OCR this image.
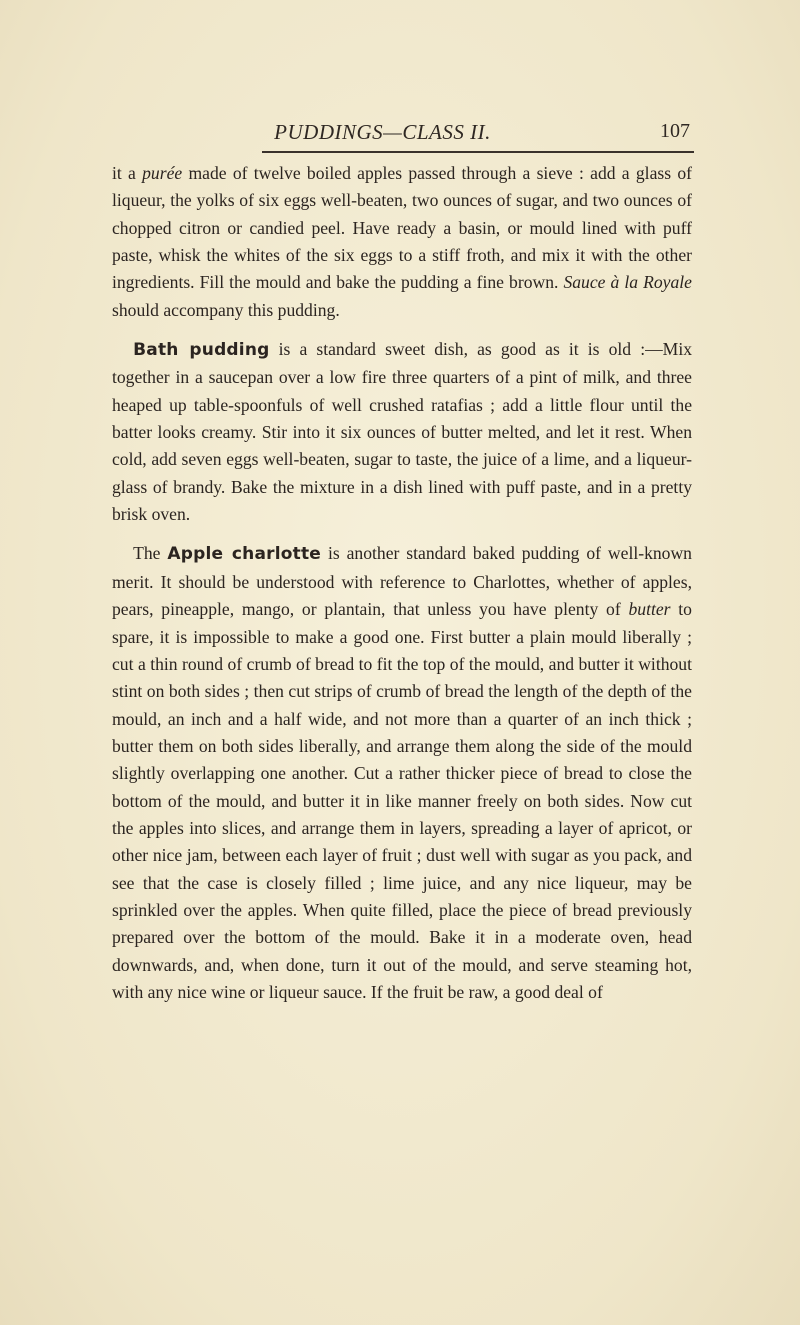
PUDDINGS—CLASS II.	107

it a purée made of twelve boiled apples passed through a sieve : add a glass of liqueur, the yolks of six eggs well-beaten, two ounces of sugar, and two ounces of chopped citron or candied peel. Have ready a basin, or mould lined with puff paste, whisk the whites of the six eggs to a stiff froth, and mix it with the other ingredients. Fill the mould and bake the pudding a fine brown. Sauce à la Royale should accompany this pudding.

Bath pudding is a standard sweet dish, as good as it is old :—Mix together in a saucepan over a low fire three quarters of a pint of milk, and three heaped up table-spoonfuls of well crushed ratafias ; add a little flour until the batter looks creamy. Stir into it six ounces of butter melted, and let it rest. When cold, add seven eggs well-beaten, sugar to taste, the juice of a lime, and a liqueur-glass of brandy. Bake the mixture in a dish lined with puff paste, and in a pretty brisk oven.

The Apple charlotte is another standard baked pudding of well-known merit. It should be understood with reference to Charlottes, whether of apples, pears, pineapple, mango, or plantain, that unless you have plenty of butter to spare, it is impossible to make a good one. First butter a plain mould liberally ; cut a thin round of crumb of bread to fit the top of the mould, and butter it without stint on both sides ; then cut strips of crumb of bread the length of the depth of the mould, an inch and a half wide, and not more than a quarter of an inch thick ; butter them on both sides liberally, and arrange them along the side of the mould slightly overlapping one another. Cut a rather thicker piece of bread to close the bottom of the mould, and butter it in like manner freely on both sides. Now cut the apples into slices, and arrange them in layers, spreading a layer of apricot, or other nice jam, between each layer of fruit ; dust well with sugar as you pack, and see that the case is closely filled ; lime juice, and any nice liqueur, may be sprinkled over the apples. When quite filled, place the piece of bread previously prepared over the bottom of the mould. Bake it in a moderate oven, head downwards, and, when done, turn it out of the mould, and serve steaming hot, with any nice wine or liqueur sauce. If the fruit be raw, a good deal of
